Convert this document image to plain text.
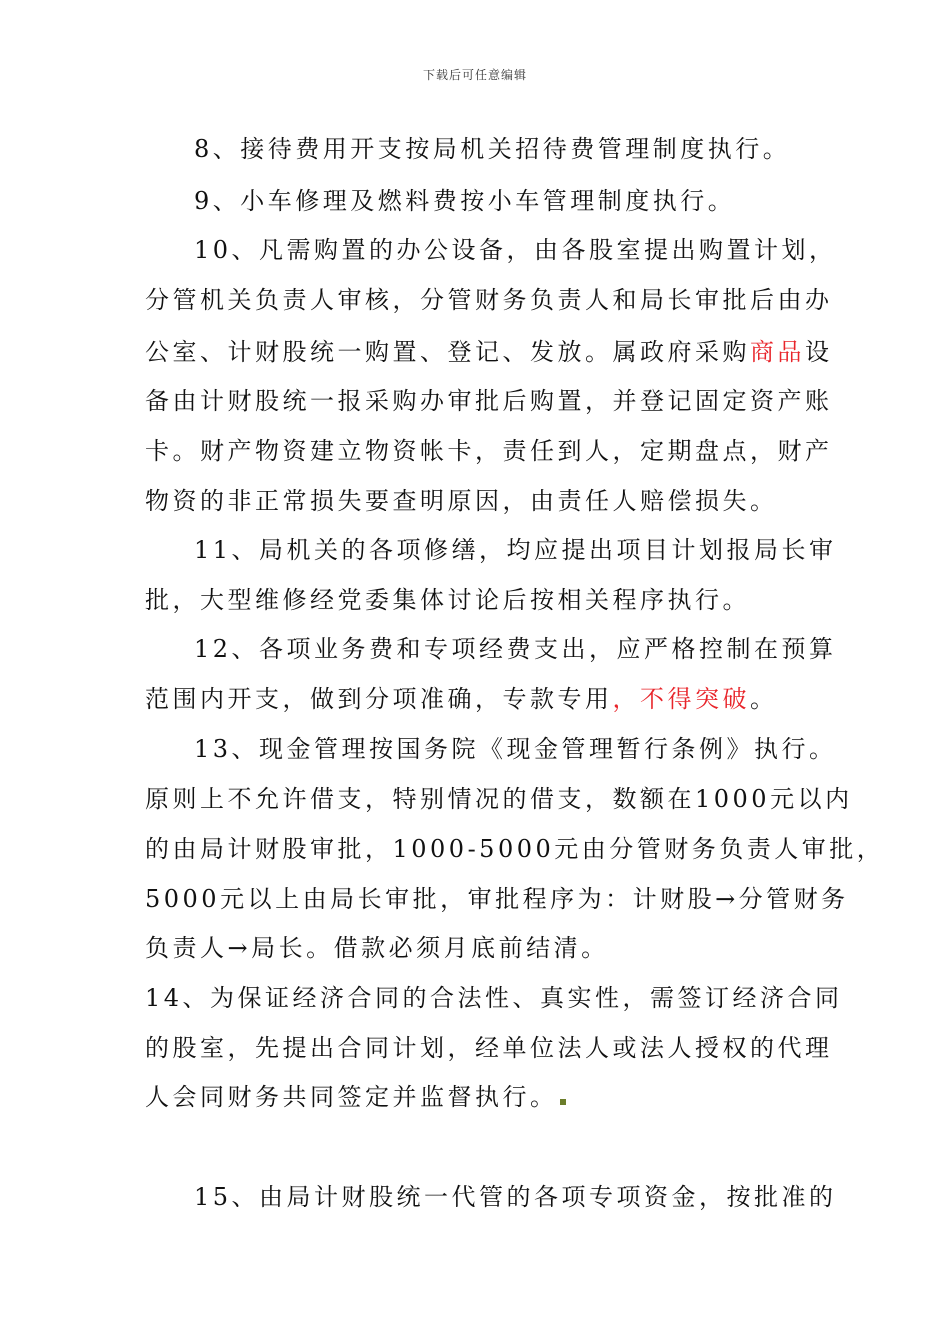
下载后可任意编辑
8、接待费用开支按局机关招待费管理制度执行。
9、小车修理及燃料费按小车管理制度执行。
10、凡需购置的办公设备，由各股室提出购置计划，
分管机关负责人审核，分管财务负责人和局长审批后由办
公室、计财股统一购置、登记、发放。属政府采购商品设
备由计财股统一报采购办审批后购置，并登记固定资产账
卡。财产物资建立物资帐卡，责任到人，定期盘点，财产
物资的非正常损失要查明原因，由责任人赔偿损失。
11、局机关的各项修缮，均应提出项目计划报局长审
批，大型维修经党委集体讨论后按相关程序执行。
12、各项业务费和专项经费支出，应严格控制在预算
范围内开支，做到分项准确，专款专用，不得突破。
13、现金管理按国务院《现金管理暂行条例》执行。
原则上不允许借支，特别情况的借支，数额在1000元以内
的由局计财股审批，1000-5000元由分管财务负责人审批，
5000元以上由局长审批，审批程序为：计财股→分管财务
负责人→局长。借款必须月底前结清。
14、为保证经济合同的合法性、真实性，需签订经济合同
的股室，先提出合同计划，经单位法人或法人授权的代理
人会同财务共同签定并监督执行。
15、由局计财股统一代管的各项专项资金，按批准的
